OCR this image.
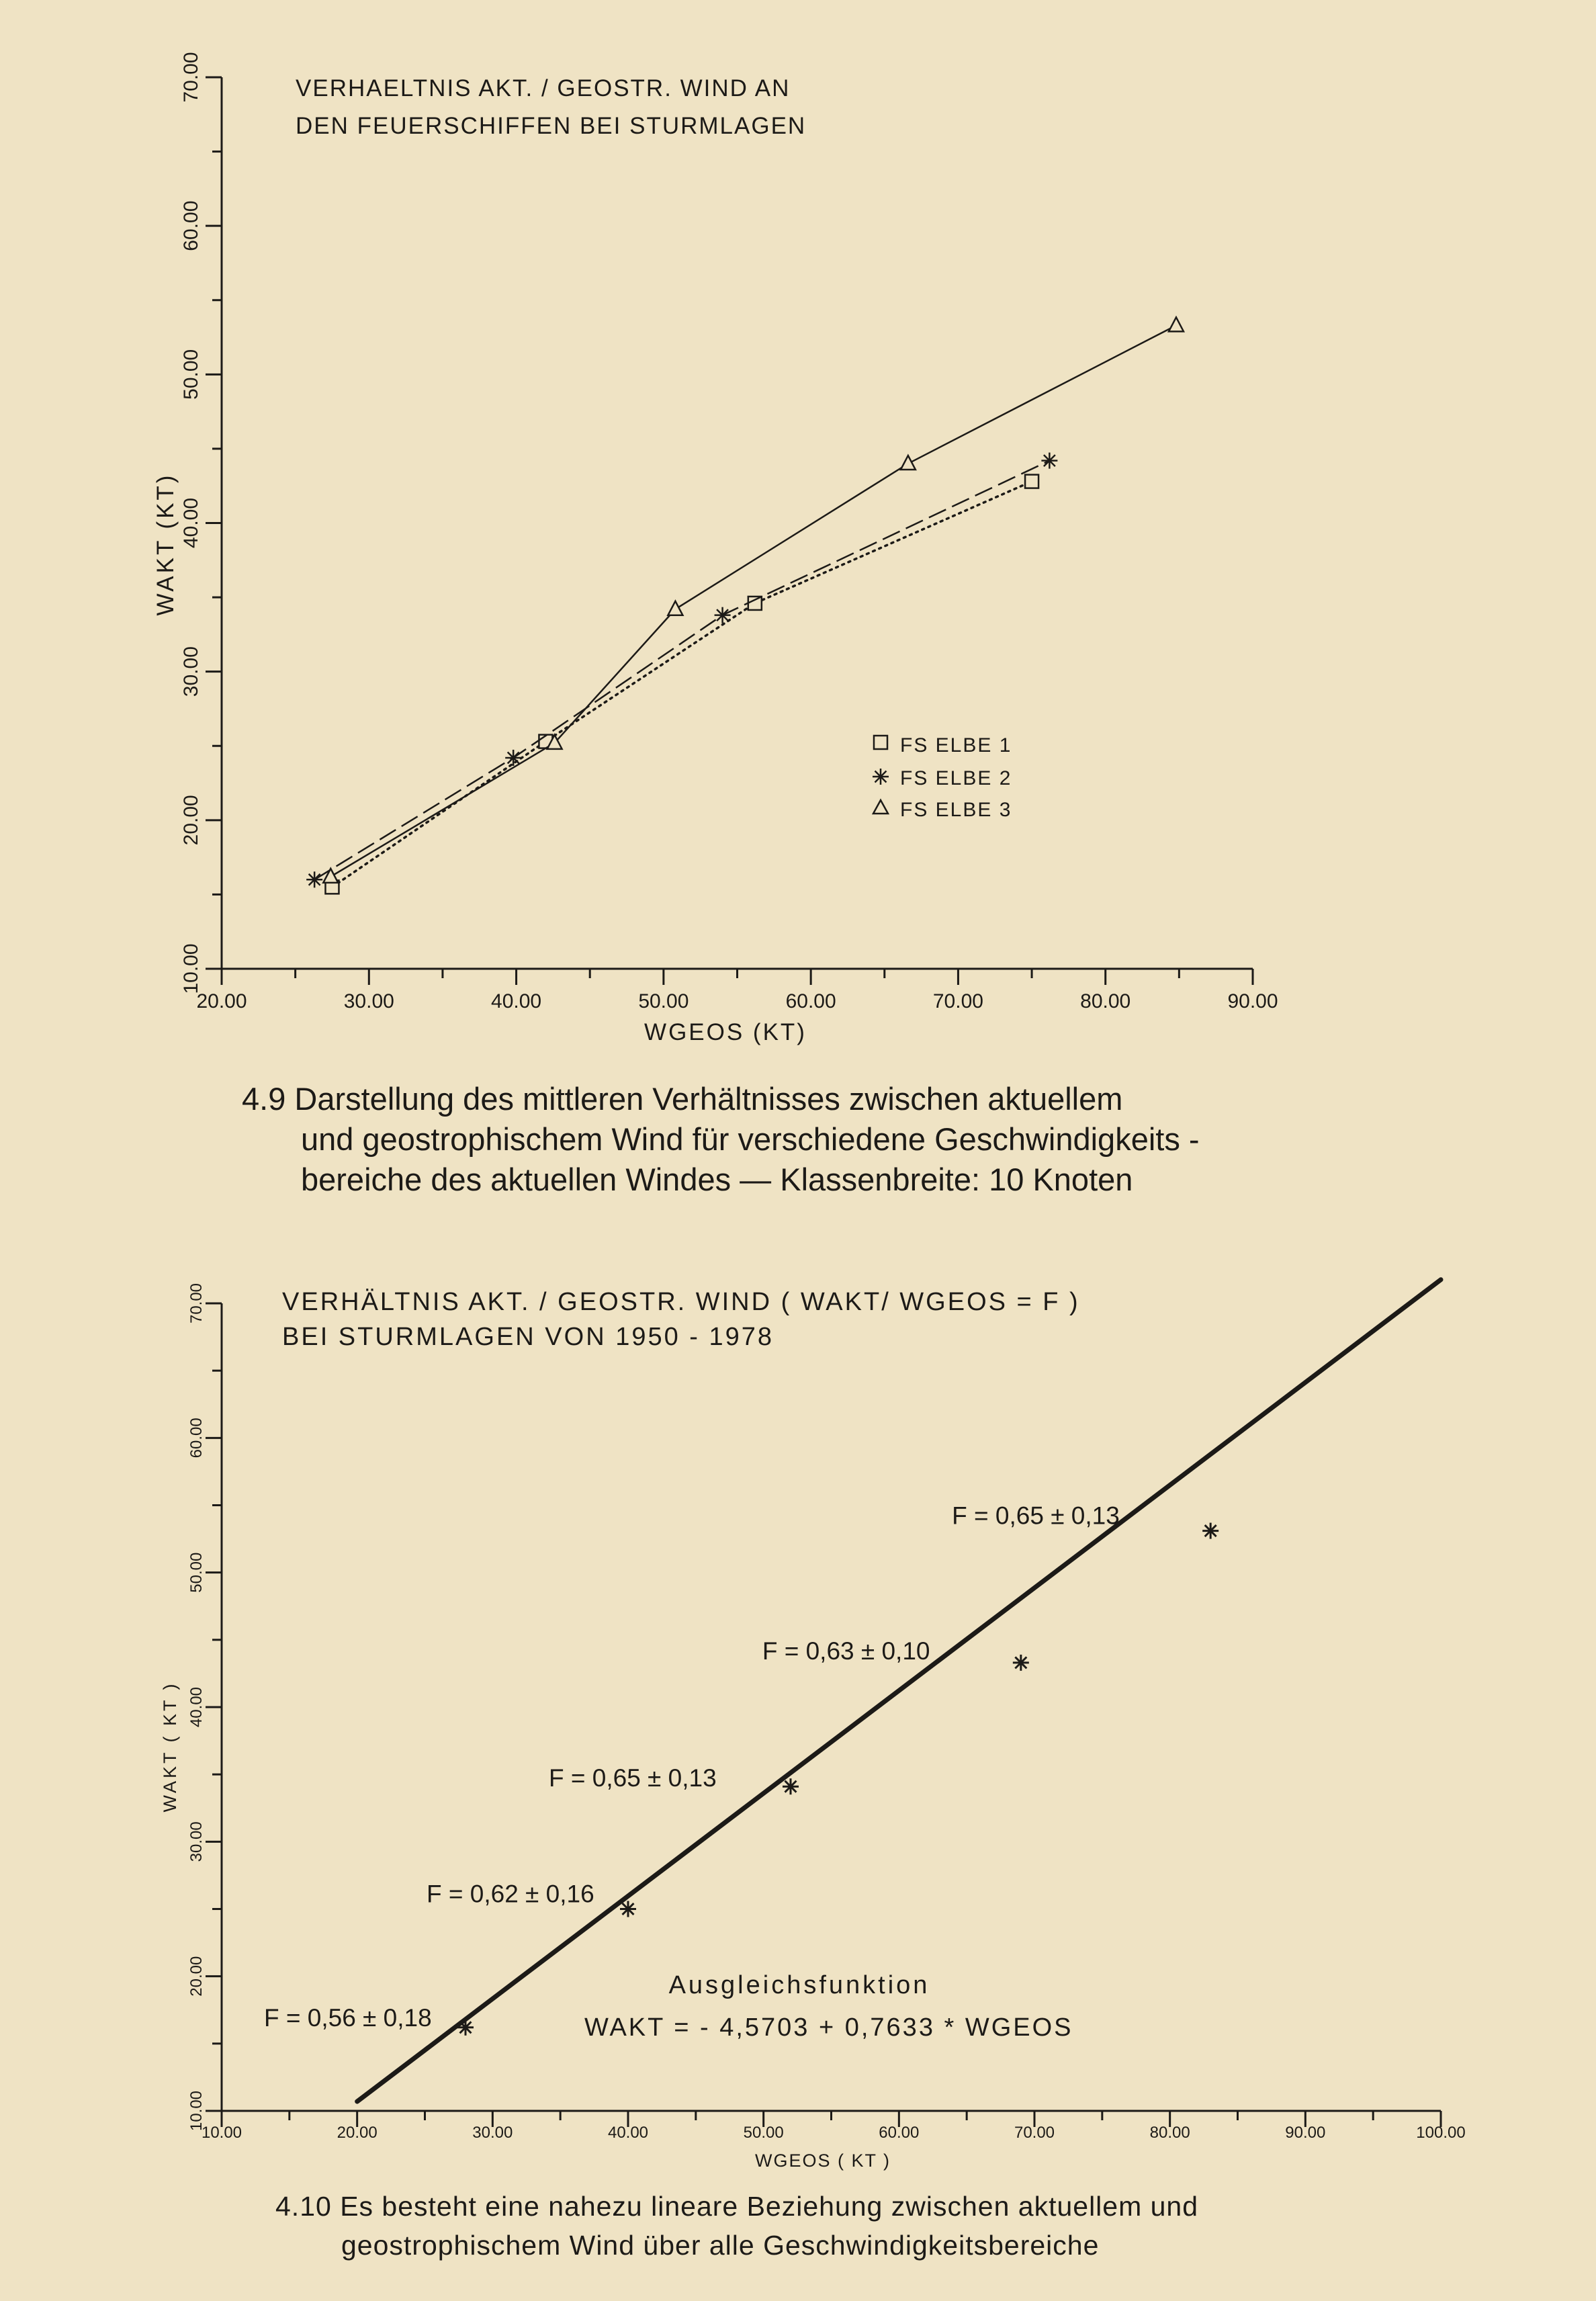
20.00	30.00	40.00	50.00	60.00	70.00	80.00	90.00
10.00
20.00
30.00
40.00
50.00
60.00
70.00	VERHAELTNIS AKT. / GEOSTR. WIND AN
DEN FEUERSCHIFFEN BEI STURMLAGEN
WGEOS (KT)
WAKT (KT)
FS ELBE 1
FS ELBE 2
FS ELBE 3
4.9 Darstellung des mittleren Verhältnisses zwischen aktuellem
und geostrophischem Wind für verschiedene Geschwindigkeits -
bereiche des aktuellen Windes — Klassenbreite: 10 Knoten
10.00	20.00	30.00	40.00	50.00	60.00	70.00	80.00	90.00	100.00
10.00
20.00
30.00
40.00
50.00
60.00
70.00
F = 0,56 ± 0,18
F = 0,62 ± 0,16
F = 0,65 ± 0,13
F = 0,63 ± 0,10
F = 0,65 ± 0,13
VERHÄLTNIS AKT. / GEOSTR. WIND ( WAKT/ WGEOS = F )
BEI STURMLAGEN VON 1950 - 1978
WGEOS ( KT )
WAKT ( KT )
Ausgleichsfunktion
WAKT = - 4,5703 + 0,7633 * WGEOS
4.10 Es besteht eine nahezu lineare Beziehung zwischen aktuellem und
geostrophischem Wind über alle Geschwindigkeitsbereiche
